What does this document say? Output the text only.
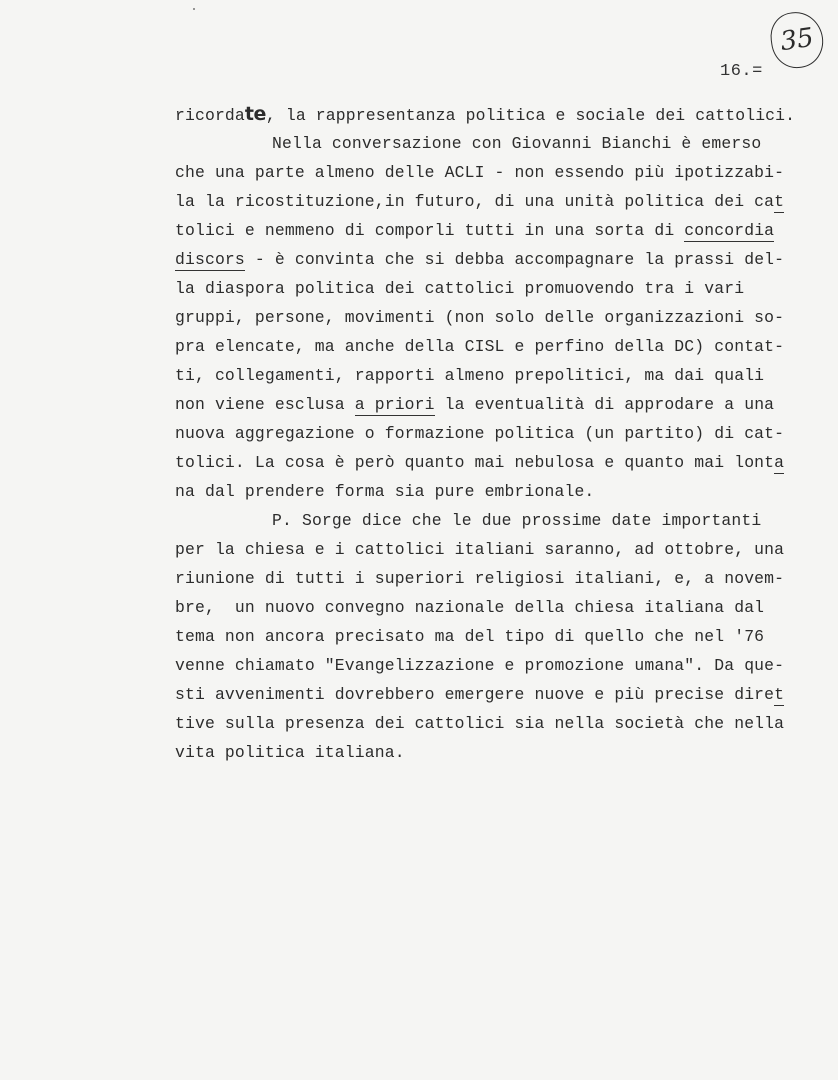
35
16.=
ricordate, la rappresentanza politica e sociale dei cattolici.
Nella conversazione con Giovanni Bianchi è emerso
che una parte almeno delle ACLI - non essendo più ipotizzabi-
la la ricostituzione,in futuro, di una unità politica dei cat
tolici e nemmeno di comporli tutti in una sorta di concordia
discors - è convinta che si debba accompagnare la prassi del-
la diaspora politica dei cattolici promuovendo tra i vari
gruppi, persone, movimenti (non solo delle organizzazioni so-
pra elencate, ma anche della CISL e perfino della DC) contat-
ti, collegamenti, rapporti almeno prepolitici, ma dai quali
non viene esclusa a priori la eventualità di approdare a una
nuova aggregazione o formazione politica (un partito) di cat-
tolici. La cosa è però quanto mai nebulosa e quanto mai lonta
na dal prendere forma sia pure embrionale.
P. Sorge dice che le due prossime date importanti
per la chiesa e i cattolici italiani saranno, ad ottobre, una
riunione di tutti i superiori religiosi italiani, e, a novem-
bre,  un nuovo convegno nazionale della chiesa italiana dal
tema non ancora precisato ma del tipo di quello che nel '76
venne chiamato "Evangelizzazione e promozione umana". Da que-
sti avvenimenti dovrebbero emergere nuove e più precise diret
tive sulla presenza dei cattolici sia nella società che nella
vita politica italiana.
